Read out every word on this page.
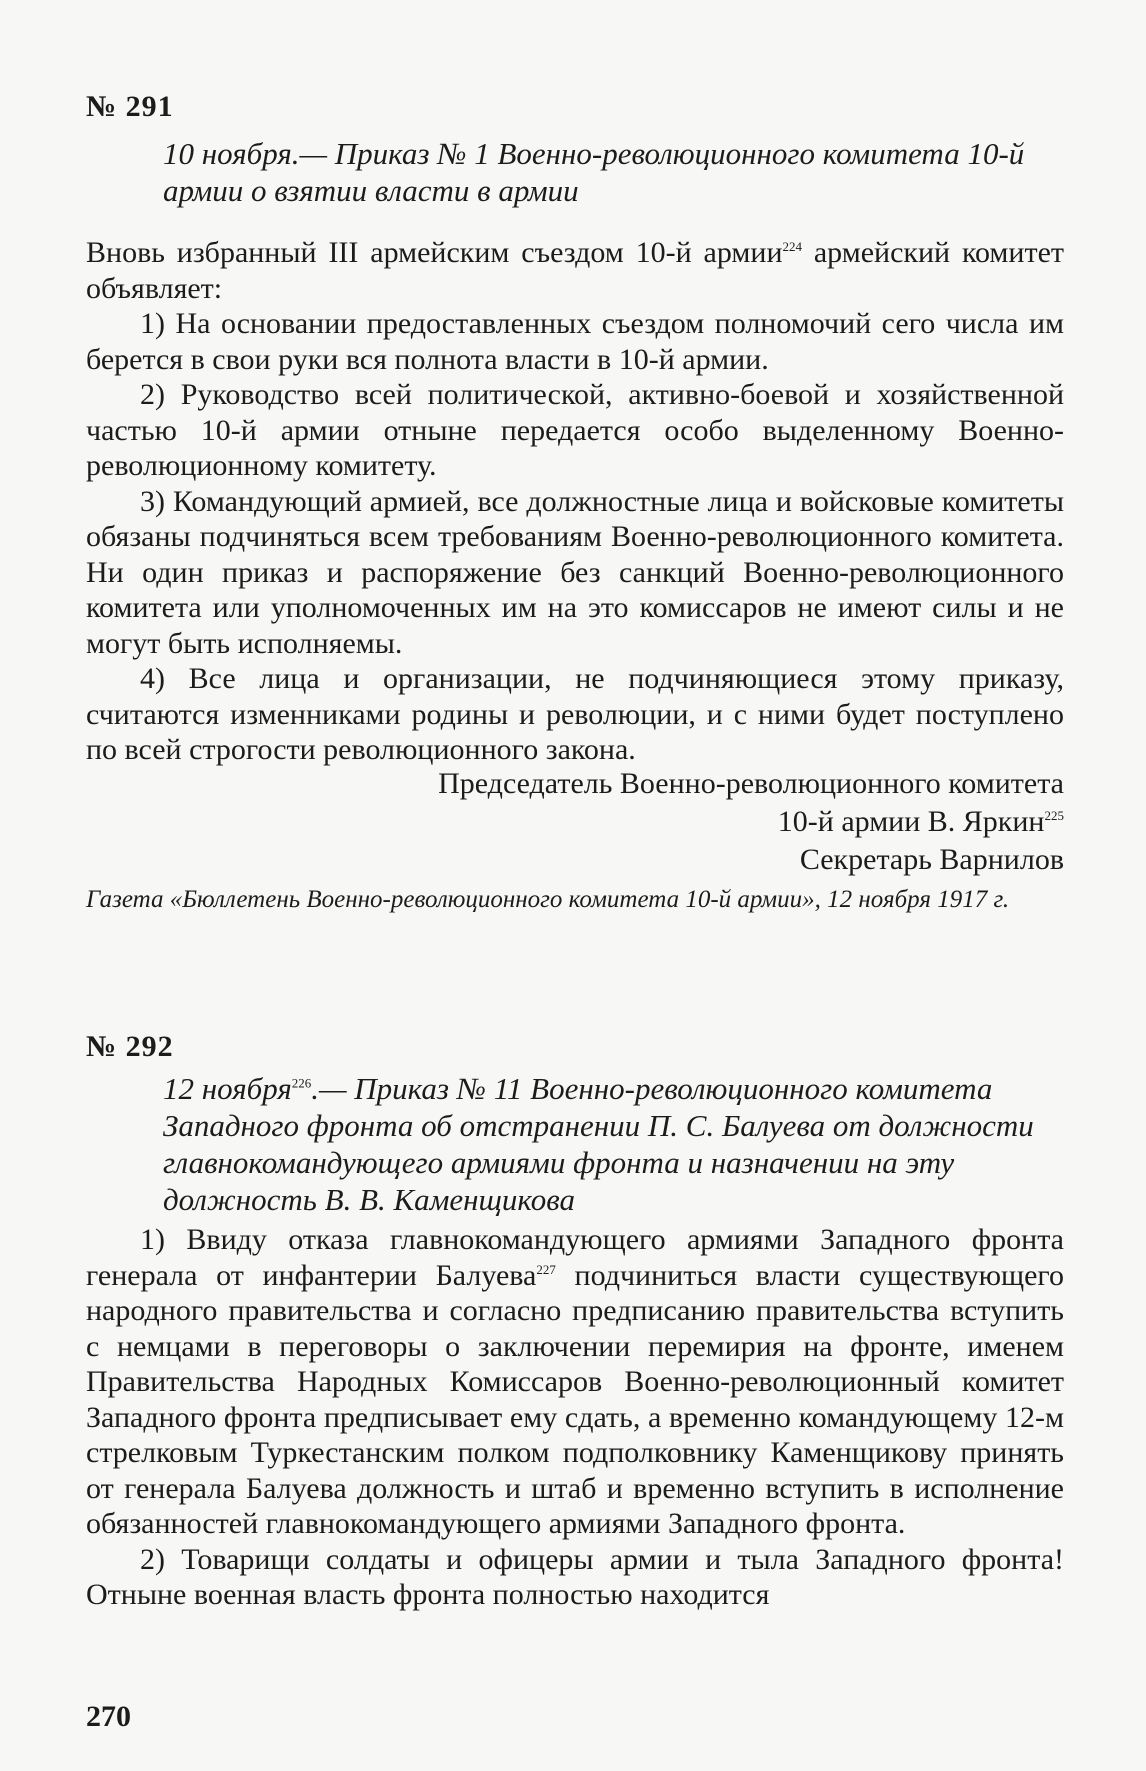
№ 291
10 ноября.— Приказ № 1 Военно-революционного комитета 10-й армии о взятии власти в армии

Вновь избранный III армейским съездом 10-й армии$^{224}$ армейский комитет объявляет:

1) На основании предоставленных съездом полномочий сего числа им берется в свои руки вся полнота власти в 10-й армии.

2) Руководство всей политической, активно-боевой и хозяйственной частью 10-й армии отныне передается особо выделенному Военно-революционному комитету.

3) Командующий армией, все должностные лица и войсковые комитеты обязаны подчиняться всем требованиям Военно-революционного комитета. Ни один приказ и распоряжение без санкций Военно-революционного комитета или уполномоченных им на это комиссаров не имеют силы и не могут быть исполняемы.

4) Все лица и организации, не подчиняющиеся этому приказу, считаются изменниками родины и революции, и с ними будет поступлено по всей строгости революционного закона.

Председатель Военно-революционного комитета
10-й армии В. Яркин$^{225}$
Секретарь Варнилов
Газета «Бюллетень Военно-революционного комитета 10-й армии», 12 ноября 1917 г.
№ 292
12 ноября$^{226}$.— Приказ № 11 Военно-революционного комитета Западного фронта об отстранении П. С. Балуева от должности главнокомандующего армиями фронта и назначении на эту должность В. В. Каменщикова

1) Ввиду отказа главнокомандующего армиями Западного фронта генерала от инфантерии Балуева$^{227}$ подчиниться власти существующего народного правительства и согласно предписанию правительства вступить с немцами в переговоры о заключении перемирия на фронте, именем Правительства Народных Комиссаров Военно-революционный комитет Западного фронта предписывает ему сдать, а временно командующему 12-м стрелковым Туркестанским полком подполковнику Каменщикову принять от генерала Балуева должность и штаб и временно вступить в исполнение обязанностей главнокомандующего армиями Западного фронта.

2) Товарищи солдаты и офицеры армии и тыла Западного фронта! Отныне военная власть фронта полностью находится

270
